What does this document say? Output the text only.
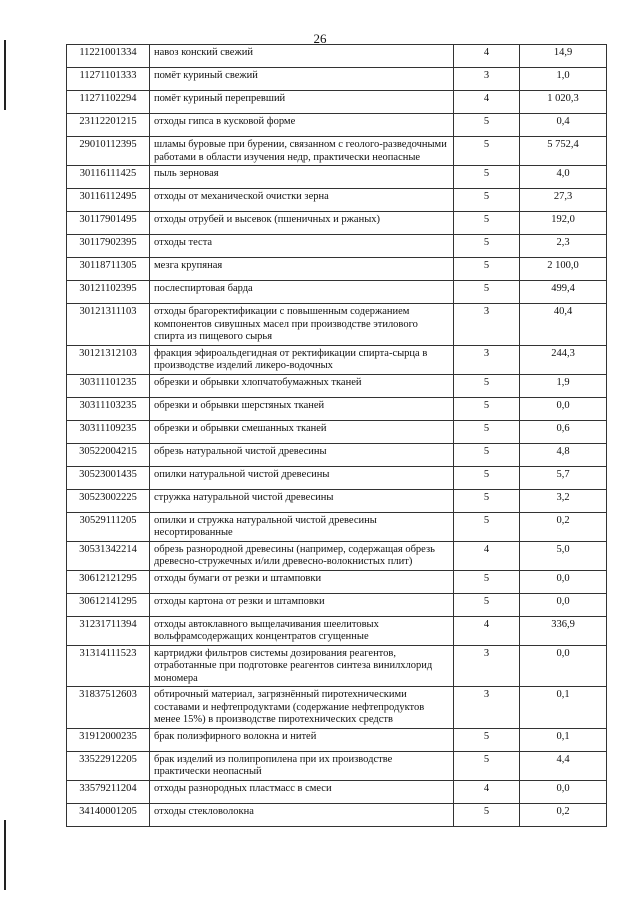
26
11221001334	навоз конский свежий	4	14,9
11271101333	помёт куриный свежий	3	1,0
11271102294	помёт куриный перепревший	4	1 020,3
23112201215	отходы гипса в кусковой форме	5	0,4
29010112395	шламы буровые при бурении, связанном с геолого-разведочными работами в области изучения недр, практически неопасные	5	5 752,4
30116111425	пыль зерновая	5	4,0
30116112495	отходы от механической очистки зерна	5	27,3
30117901495	отходы отрубей и высевок (пшеничных и ржаных)	5	192,0
30117902395	отходы теста	5	2,3
30118711305	мезга крупяная	5	2 100,0
30121102395	послеспиртовая барда	5	499,4
30121311103	отходы брагоректификации с повышенным содержанием компонентов сивушных масел при производстве этилового спирта из пищевого сырья	3	40,4
30121312103	фракция эфироальдегидная от ректификации спирта-сырца в производстве изделий ликеро-водочных	3	244,3
30311101235	обрезки и обрывки хлопчатобумажных тканей	5	1,9
30311103235	обрезки и обрывки шерстяных тканей	5	0,0
30311109235	обрезки и обрывки смешанных тканей	5	0,6
30522004215	обрезь натуральной чистой древесины	5	4,8
30523001435	опилки натуральной чистой древесины	5	5,7
30523002225	стружка натуральной чистой древесины	5	3,2
30529111205	опилки и стружка натуральной чистой древесины несортированные	5	0,2
30531342214	обрезь разнородной древесины (например, содержащая обрезь древесно-стружечных и/или древесно-волокнистых плит)	4	5,0
30612121295	отходы бумаги от резки и штамповки	5	0,0
30612141295	отходы картона от резки и штамповки	5	0,0
31231711394	отходы автоклавного выщелачивания шеелитовых вольфрамсодержащих концентратов сгущенные	4	336,9
31314111523	картриджи фильтров системы дозирования реагентов, отработанные при подготовке реагентов синтеза винилхлорид мономера	3	0,0
31837512603	обтирочный материал, загрязнённый пиротехническими составами и нефтепродуктами (содержание нефтепродуктов менее 15%) в производстве пиротехнических средств	3	0,1
31912000235	брак полиэфирного волокна и нитей	5	0,1
33522912205	брак изделий из полипропилена при их производстве практически неопасный	5	4,4
33579211204	отходы разнородных пластмасс в смеси	4	0,0
34140001205	отходы стекловолокна	5	0,2
